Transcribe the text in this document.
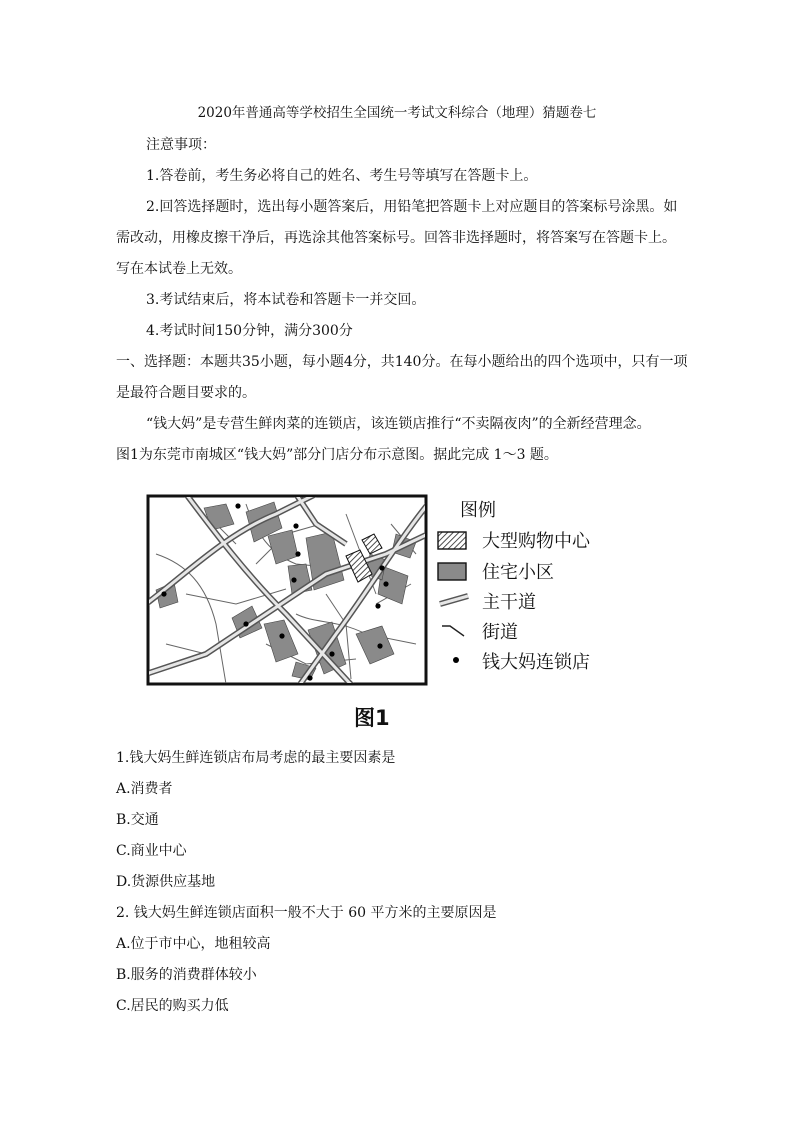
2020年普通高等学校招生全国统一考试文科综合（地理）猜题卷七
注意事项：
1.答卷前，考生务必将自己的姓名、考生号等填写在答题卡上。
2.回答选择题时，选出每小题答案后，用铅笔把答题卡上对应题目的答案标号涂黑。如
需改动，用橡皮擦干净后，再选涂其他答案标号。回答非选择题时，将答案写在答题卡上。
写在本试卷上无效。
3.考试结束后，将本试卷和答题卡一并交回。
4.考试时间150分钟，满分300分
一、选择题：本题共35小题，每小题4分，共140分。在每小题给出的四个选项中，只有一项
是最符合题目要求的。
“钱大妈”是专营生鲜肉菜的连锁店，该连锁店推行“不卖隔夜肉”的全新经营理念。
图1为东莞市南城区“钱大妈”部分门店分布示意图。据此完成 1～3 题。
图例
大型购物中心
住宅小区
主干道
街道
钱大妈连锁店
图1
1.钱大妈生鲜连锁店布局考虑的最主要因素是
A.消费者
B.交通
C.商业中心
D.货源供应基地
2. 钱大妈生鲜连锁店面积一般不大于 60 平方米的主要原因是
A.位于市中心，地租较高
B.服务的消费群体较小
C.居民的购买力低
